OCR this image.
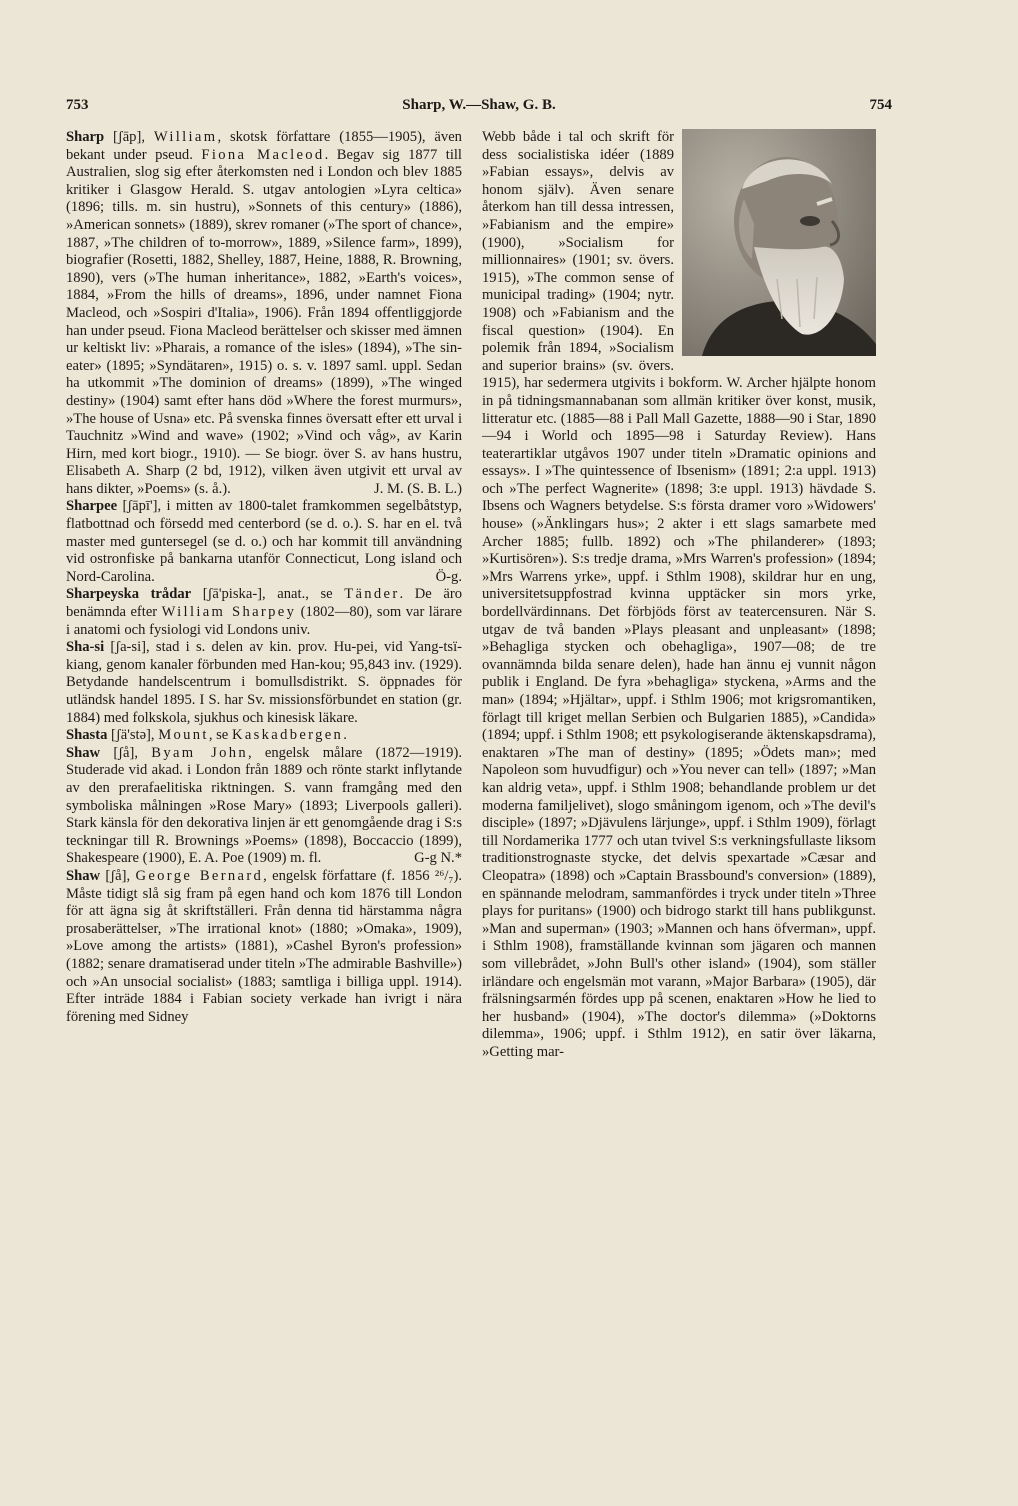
753	Sharp, W.—Shaw, G. B.	754

Sharp [ʃāp], William, skotsk författare (1855—1905), även bekant under pseud. Fiona Macleod. Begav sig 1877 till Australien, slog sig efter återkomsten ned i London och blev 1885 kritiker i Glasgow Herald. S. utgav antologien »Lyra celtica» (1896; tills. m. sin hustru), »Sonnets of this century» (1886), »American sonnets» (1889), skrev romaner (»The sport of chance», 1887, »The children of to-morrow», 1889, »Silence farm», 1899), biografier (Rosetti, 1882, Shelley, 1887, Heine, 1888, R. Browning, 1890), vers (»The human inheritance», 1882, »Earth's voices», 1884, »From the hills of dreams», 1896, under namnet Fiona Macleod, och »Sospiri d'Italia», 1906). Från 1894 offentliggjorde han under pseud. Fiona Macleod berättelser och skisser med ämnen ur keltiskt liv: »Pharais, a romance of the isles» (1894), »The sin-eater» (1895; »Syndätaren», 1915) o. s. v. 1897 saml. uppl. Sedan ha utkommit »The dominion of dreams» (1899), »The winged destiny» (1904) samt efter hans död »Where the forest murmurs», »The house of Usna» etc. På svenska finnes översatt efter ett urval i Tauchnitz »Wind and wave» (1902; »Vind och våg», av Karin Hirn, med kort biogr., 1910). — Se biogr. över S. av hans hustru, Elisabeth A. Sharp (2 bd, 1912), vilken även utgivit ett urval av hans dikter, »Poems» (s. å.).	J. M. (S. B. L.)

Sharpee [ʃāpī'], i mitten av 1800-talet framkommen segelbåtstyp, flatbottnad och försedd med centerbord (se d. o.). S. har en el. två master med guntersegel (se d. o.) och har kommit till användning vid ostronfiske på bankarna utanför Connecticut, Long island och Nord-Carolina.	Ö-g.

Sharpeyska trådar [ʃā'piska-], anat., se Tänder. De äro benämnda efter William Sharpey (1802—80), som var lärare i anatomi och fysiologi vid Londons univ.

Sha-si [ʃa-si], stad i s. delen av kin. prov. Hu-pei, vid Yang-tsï-kiang, genom kanaler förbunden med Han-kou; 95,843 inv. (1929). Betydande handelscentrum i bomullsdistrikt. S. öppnades för utländsk handel 1895. I S. har Sv. missionsförbundet en station (gr. 1884) med folkskola, sjukhus och kinesisk läkare.

Shasta [ʃä'stə], Mount, se Kaskadbergen.

Shaw [ʃå], Byam John, engelsk målare (1872—1919). Studerade vid akad. i London från 1889 och rönte starkt inflytande av den prerafaelitiska riktningen. S. vann framgång med den symboliska målningen »Rose Mary» (1893; Liverpools galleri). Stark känsla för den dekorativa linjen är ett genomgående drag i S:s teckningar till R. Brownings »Poems» (1898), Boccaccio (1899), Shakespeare (1900), E. A. Poe (1909) m. fl.	G-g N.*

Shaw [ʃå], George Bernard, engelsk författare (f. 1856 ²⁶/₇). Måste tidigt slå sig fram på egen hand och kom 1876 till London för att ägna sig åt skriftställeri. Från denna tid härstamma några prosaberättelser, »The irrational knot» (1880; »Omaka», 1909), »Love among the artists» (1881), »Cashel Byron's profession» (1882; senare dramatiserad under titeln »The admirable Bashville») och »An unsocial socialist» (1883; samtliga i billiga uppl. 1914). Efter inträde 1884 i Fabian society verkade han ivrigt i nära förening med Sidney

Webb både i tal och skrift för dess socialistiska idéer (1889 »Fabian essays», delvis av honom själv). Även senare återkom han till dessa intressen, »Fabianism and the empire» (1900), »Socialism for millionnaires» (1901; sv. övers. 1915), »The common sense of municipal trading» (1904; nytr. 1908) och »Fabianism and the fiscal question» (1904). En polemik från 1894, »Socialism and superior brains» (sv. övers. 1915), har sedermera utgivits i bokform. W. Archer hjälpte honom in på tidningsmannabanan som allmän kritiker över konst, musik, litteratur etc. (1885—88 i Pall Mall Gazette, 1888—90 i Star, 1890—94 i World och 1895—98 i Saturday Review). Hans teaterartiklar utgåvos 1907 under titeln »Dramatic opinions and essays». I »The quintessence of Ibsenism» (1891; 2:a uppl. 1913) och »The perfect Wagnerite» (1898; 3:e uppl. 1913) hävdade S. Ibsens och Wagners betydelse. S:s första dramer voro »Widowers' house» (»Änklingars hus»; 2 akter i ett slags samarbete med Archer 1885; fullb. 1892) och »The philanderer» (1893; »Kurtisören»). S:s tredje drama, »Mrs Warren's profession» (1894; »Mrs Warrens yrke», uppf. i Sthlm 1908), skildrar hur en ung, universitetsuppfostrad kvinna upptäcker sin mors yrke, bordellvärdinnans. Det förbjöds först av teatercensuren. När S. utgav de två banden »Plays pleasant and unpleasant» (1898; »Behagliga stycken och obehagliga», 1907—08; de tre ovannämnda bilda senare delen), hade han ännu ej vunnit någon publik i England. De fyra »behagliga» styckena, »Arms and the man» (1894; »Hjältar», uppf. i Sthlm 1906; mot krigsromantiken, förlagt till kriget mellan Serbien och Bulgarien 1885), »Candida» (1894; uppf. i Sthlm 1908; ett psykologiserande äktenskapsdrama), enaktaren »The man of destiny» (1895; »Ödets man»; med Napoleon som huvudfigur) och »You never can tell» (1897; »Man kan aldrig veta», uppf. i Sthlm 1908; behandlande problem ur det moderna familjelivet), slogo småningom igenom, och »The devil's disciple» (1897; »Djävulens lärjunge», uppf. i Sthlm 1909), förlagt till Nordamerika 1777 och utan tvivel S:s verkningsfullaste liksom traditionstrognaste stycke, det delvis spexartade »Cæsar and Cleopatra» (1898) och »Captain Brassbound's conversion» (1889), en spännande melodram, sammanfördes i tryck under titeln »Three plays for puritans» (1900) och bidrogo starkt till hans publikgunst. »Man and superman» (1903; »Mannen och hans öfverman», uppf. i Sthlm 1908), framställande kvinnan som jägaren och mannen som villebrådet, »John Bull's other island» (1904), som ställer irländare och engelsmän mot varann, »Major Barbara» (1905), där frälsningsarmén fördes upp på scenen, enaktaren »How he lied to her husband» (1904), »The doctor's dilemma» (»Doktorns dilemma», 1906; uppf. i Sthlm 1912), en satir över läkarna, »Getting mar-
